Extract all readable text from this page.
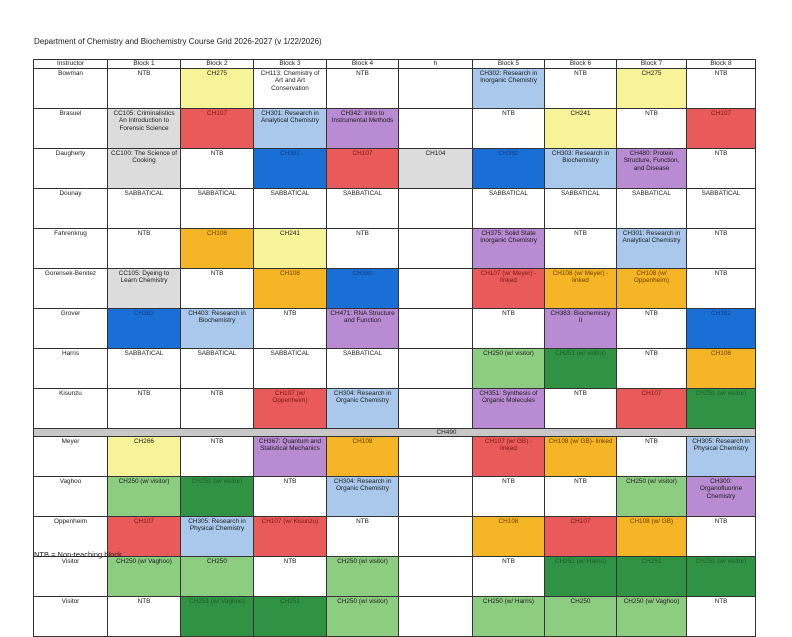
Department of Chemistry and Biochemistry Course Grid 2026-2027 (v 1/22/2026)
Instructor	Block 1	Block 2	Block 3	Block 4	h	Block 5	Block 6	Block 7	Block 8
Bowman	NTB	CH275	CH113: Chemistry of Art and Art Conservation	NTB		CH302: Research in Inorganic Chemistry	NTB	CH275	NTB
Brasuel	CC105: Criminalistics An Introduction to Forensic Science	CH107	CH301: Research in Analytical Chemistry	CH342: Intro to Instrumental Methods		NTB	CH241	NTB	CH107
Daugherty	CC100: The Science of Cooking	NTB	CH382	CH107	CH104	CH382	CH303: Research in Biochemistry	CH480: Protein Structure, Function, and Disease	NTB
Dounay	SABBATICAL	SABBATICAL	SABBATICAL	SABBATICAL		SABBATICAL	SABBATICAL	SABBATICAL	SABBATICAL
Fahrenkrug	NTB	CH108	CH241	NTB		CH375: Solid State Inorganic Chemistry	NTB	CH301: Research in Analytical Chemistry	NTB
Gorensek-Benitez	CC105: Dyeing to Learn Chemistry	NTB	CH108	CH382		CH107 (w/ Meyer) - linked	CH108 (w/ Meyer) - linked	CH108 (w/ Oppenheim)	NTB
Grover	CH382	CH403: Research in Biochemistry	NTB	CH471: RNA Structure and Function		NTB	CH383: Biochemistry II	NTB	CH382
Harris	SABBATICAL	SABBATICAL	SABBATICAL	SABBATICAL		CH250 (w/ visitor)	CH251 (w/ visitor)	NTB	CH108
Kisunzu	NTB	NTB	CH107 (w/ Oppenheim)	CH304: Research in Organic Chemistry		CH351: Synthesis of Organic Molecules	NTB	CH107	CH251 (w/ visitor)
CH490									
Meyer	CH266	NTB	CH367: Quantum and Statistical Mechanics	CH108		CH107 (w/ GB) - linked	CH108 (w/ GB)- linked	NTB	CH305: Research in Physical Chemistry
Vaghoo	CH250 (w/ visitor)	CH251 (w/ visitor)	NTB	CH304: Research in Organic Chemistry		NTB	NTB	CH250 (w/ visitor)	CH300: Organofluorine Chemistry
Oppenheim	CH107	CH305: Research in Physical Chemistry	CH107 (w/ Kisunzu)	NTB		CH108	CH107	CH108 (w/ GB)	NTB
Visitor	CH250 (w/ Vaghoo)	CH250	NTB	CH250 (w/ visitor)		NTB	CH251 (w/ Harris)	CH251	CH251 (w/ visitor)
Visitor	NTB	CH251 (w/ Vaghoo)	CH251	CH250 (w/ visitor)		CH250 (w/ Harris)	CH250	CH250 (w/ Vaghoo)	NTB
NTB = Non-teaching block
